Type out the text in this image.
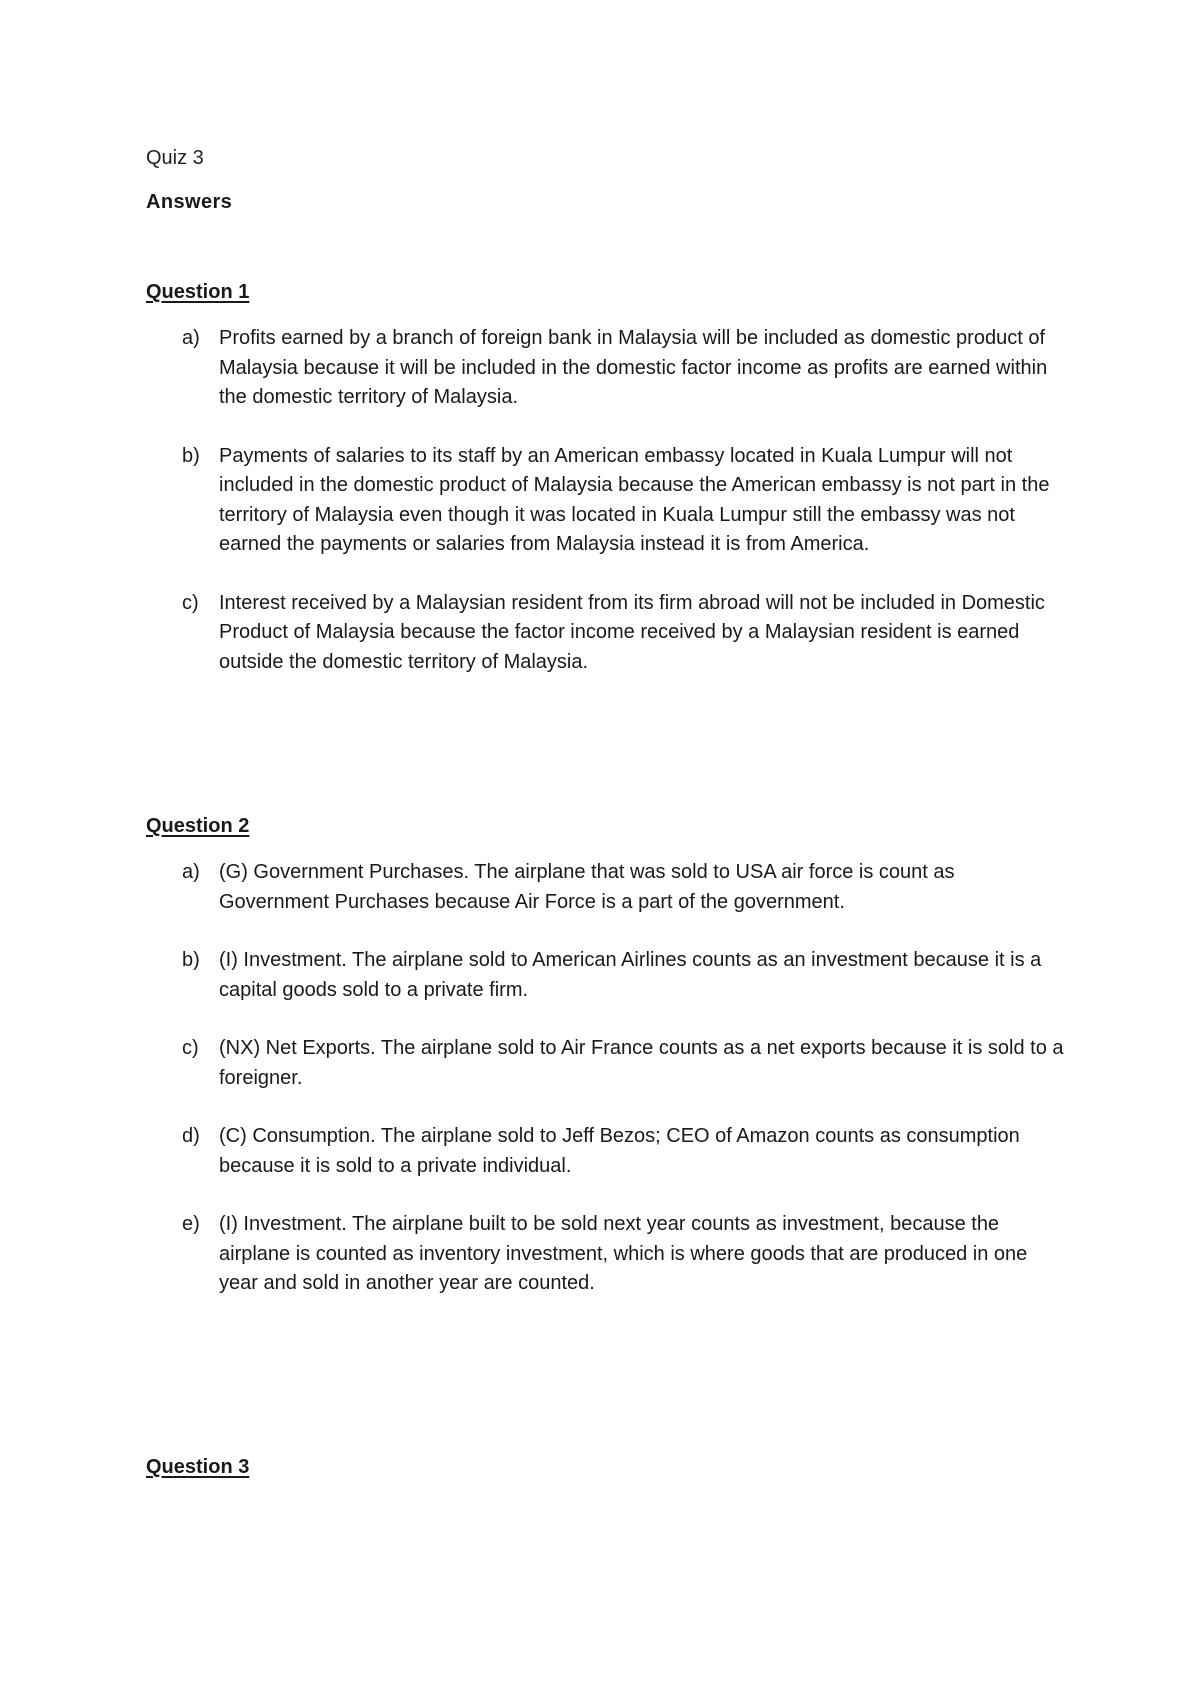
Quiz 3
Answers
Question 1
a) Profits earned by a branch of foreign bank in Malaysia will be included as domestic product of Malaysia because it will be included in the domestic factor income as profits are earned within the domestic territory of Malaysia.
b) Payments of salaries to its staff by an American embassy located in Kuala Lumpur will not included in the domestic product of Malaysia because the American embassy is not part in the territory of Malaysia even though it was located in Kuala Lumpur still the embassy was not earned the payments or salaries from Malaysia instead it is from America.
c) Interest received by a Malaysian resident from its firm abroad will not be included in Domestic Product of Malaysia because the factor income received by a Malaysian resident is earned outside the domestic territory of Malaysia.
Question 2
a) (G) Government Purchases. The airplane that was sold to USA air force is count as Government Purchases because Air Force is a part of the government.
b) (I) Investment. The airplane sold to American Airlines counts as an investment because it is a capital goods sold to a private firm.
c) (NX) Net Exports. The airplane sold to Air France counts as a net exports because it is sold to a foreigner.
d) (C) Consumption. The airplane sold to Jeff Bezos; CEO of Amazon counts as consumption because it is sold to a private individual.
e) (I) Investment. The airplane built to be sold next year counts as investment, because the airplane is counted as inventory investment, which is where goods that are produced in one year and sold in another year are counted.
Question 3
